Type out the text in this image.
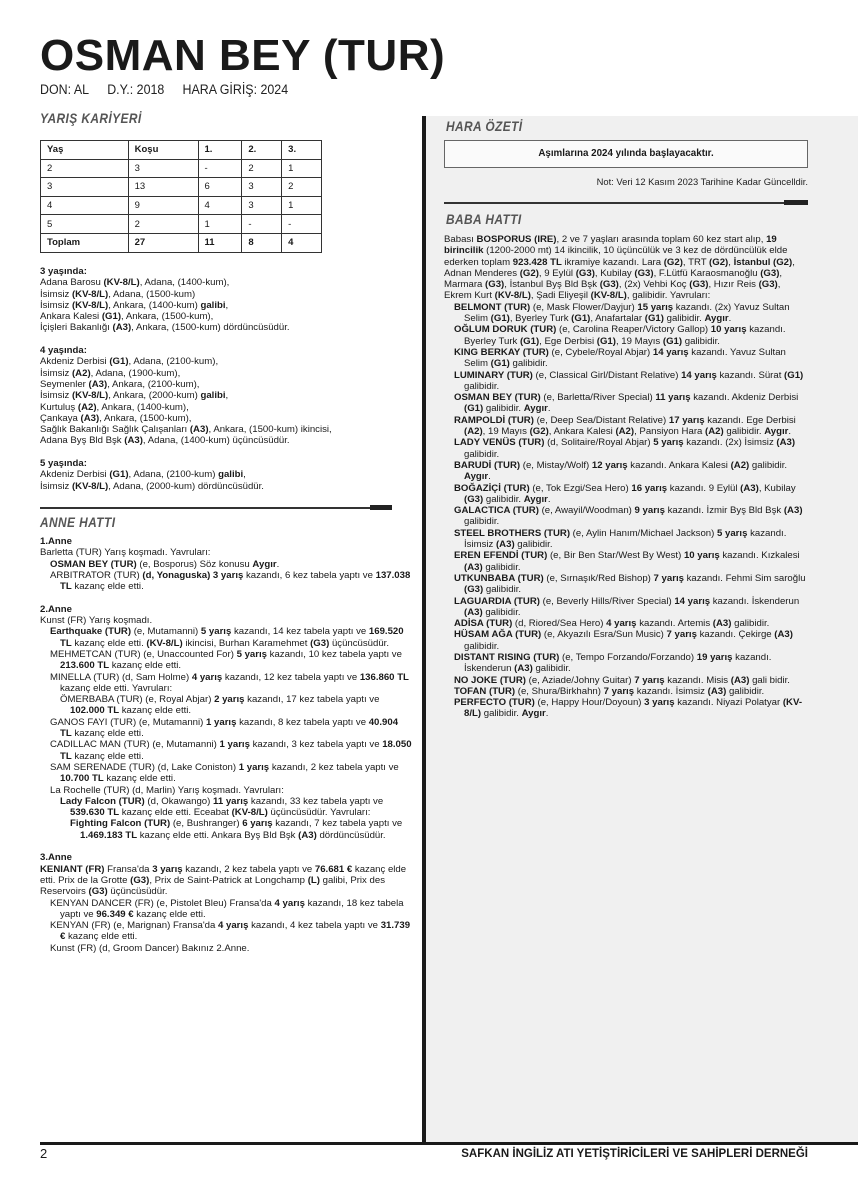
OSMAN BEY (TUR)
DON: AL D.Y.: 2018 HARA GİRİŞ: 2024
YARIŞ KARİYERİ
Yaş	Koşu	1.	2.	3.
2	3	-	2	1
3	13	6	3	2
4	9	4	3	1
5	2	1	-	-
Toplam	27	11	8	4

3 yaşında:

Adana Barosu (KV-8/L), Adana, (1400-kum),

İsimsiz (KV-8/L), Adana, (1500-kum)

İsimsiz (KV-8/L), Ankara, (1400-kum) galibi,

Ankara Kalesi (G1), Ankara, (1500-kum),

İçişleri Bakanlığı (A3), Ankara, (1500-kum) dördüncüsüdür.

4 yaşında:

Akdeniz Derbisi (G1), Adana, (2100-kum),

İsimsiz (A2), Adana, (1900-kum),

Seymenler (A3), Ankara, (2100-kum),

İsimsiz (KV-8/L), Ankara, (2000-kum) galibi,

Kurtuluş (A2), Ankara, (1400-kum),

Çankaya (A3), Ankara, (1500-kum),

Sağlık Bakanlığı Sağlık Çalışanları (A3), Ankara, (1500-kum) ikincisi,

Adana Byş Bld Bşk (A3), Adana, (1400-kum) üçüncüsüdür.

5 yaşında:

Akdeniz Derbisi (G1), Adana, (2100-kum) galibi,

İsimsiz (KV-8/L), Adana, (2000-kum) dördüncüsüdür.

ANNE HATTI

1.Anne

Barletta (TUR) Yarış koşmadı. Yavruları:

OSMAN BEY (TUR) (e, Bosporus) Söz konusu Aygır.

ARBITRATOR (TUR) (d, Yonaguska) 3 yarış kazandı, 6 kez tabela yaptı ve 137.038 TL kazanç elde etti.

2.Anne

Kunst (FR) Yarış koşmadı.

Earthquake (TUR) (e, Mutamanni) 5 yarış kazandı, 14 kez tabela yaptı ve 169.520 TL kazanç elde etti. (KV-8/L) ikincisi, Burhan Karamehmet (G3) üçüncüsüdür.

MEHMETCAN (TUR) (e, Unaccounted For) 5 yarış kazandı, 10 kez tabela yaptı ve 213.600 TL kazanç elde etti.

MINELLA (TUR) (d, Sam Holme) 4 yarış kazandı, 12 kez tabela yaptı ve 136.860 TL kazanç elde etti. Yavruları:

ÖMERBABA (TUR) (e, Royal Abjar) 2 yarış kazandı, 17 kez tabela yaptı ve 102.000 TL kazanç elde etti.

GANOS FAYI (TUR) (e, Mutamanni) 1 yarış kazandı, 8 kez tabela yaptı ve 40.904 TL kazanç elde etti.

CADILLAC MAN (TUR) (e, Mutamanni) 1 yarış kazandı, 3 kez tabela yaptı ve 18.050 TL kazanç elde etti.

SAM SERENADE (TUR) (d, Lake Coniston) 1 yarış kazandı, 2 kez tabela yaptı ve 10.700 TL kazanç elde etti.

La Rochelle (TUR) (d, Marlin) Yarış koşmadı. Yavruları:

Lady Falcon (TUR) (d, Okawango) 11 yarış kazandı, 33 kez tabela yaptı ve 539.630 TL kazanç elde etti. Eceabat (KV-8/L) üçüncüsüdür. Yavruları:

Fighting Falcon (TUR) (e, Bushranger) 6 yarış kazandı, 7 kez tabela yaptı ve 1.469.183 TL kazanç elde etti. Ankara Byş Bld Bşk (A3) dördüncüsüdür.

3.Anne

KENIANT (FR) Fransa'da 3 yarış kazandı, 2 kez tabela yaptı ve 76.681 € kazanç elde etti. Prix de la Grotte (G3), Prix de Saint-Patrick at Longchamp (L) galibi, Prix des Reservoirs (G3) üçüncüsüdür.

KENYAN DANCER (FR) (e, Pistolet Bleu) Fransa'da 4 yarış kazandı, 18 kez tabela yaptı ve 96.349 € kazanç elde etti.

KENYAN (FR) (e, Marignan) Fransa'da 4 yarış kazandı, 4 kez tabela yaptı ve 31.739 € kazanç elde etti.

Kunst (FR) (d, Groom Dancer) Bakınız 2.Anne.

HARA ÖZETİ
Aşımlarına 2024 yılında başlayacaktır.
Not: Veri 12 Kasım 2023 Tarihine Kadar Güncelldir.
BABA HATTI

Babası BOSPORUS (IRE), 2 ve 7 yaşları arasında toplam 60 kez start alıp, 19 birincilik (1200-2000 mt) 14 ikincilik, 10 üçüncülük ve 3 kez de dördüncülük elde ederken toplam 923.428 TL ikramiye kazandı. Lara (G2), TRT (G2), İstanbul (G2), Adnan Menderes (G2), 9 Eylül (G3), Kubilay (G3), F.Lütfü Karaosmanoğlu (G3), Marmara (G3), İstanbul Byş Bld Bşk (G3), (2x) Vehbi Koç (G3), Hızır Reis (G3), Ekrem Kurt (KV-8/L), Şadi Eliyeşil (KV-8/L), galibidir. Yavruları:

BELMONT (TUR) (e, Mask Flower/Dayjur) 15 yarış kazandı. (2x) Yavuz Sultan Selim (G1), Byerley Turk (G1), Anafartalar (G1) galibidir. Aygır.

OĞLUM DORUK (TUR) (e, Carolina Reaper/Victory Gallop) 10 yarış kazandı. Byerley Turk (G1), Ege Derbisi (G1), 19 Mayıs (G1) galibidir.

KING BERKAY (TUR) (e, Cybele/Royal Abjar) 14 yarış kazandı. Yavuz Sultan Selim (G1) galibidir.

LUMINARY (TUR) (e, Classical Girl/Distant Relative) 14 yarış kazandı. Sürat (G1) galibidir.

OSMAN BEY (TUR) (e, Barletta/River Special) 11 yarış kazandı. Akdeniz Derbisi (G1) galibidir. Aygır.

RAMPOLDİ (TUR) (e, Deep Sea/Distant Relative) 17 yarış kazandı. Ege Derbisi (A2), 19 Mayıs (G2), Ankara Kalesi (A2), Pansiyon Hara (A2) galibidir. Aygır.

LADY VENÜS (TUR) (d, Solitaire/Royal Abjar) 5 yarış kazandı. (2x) İsimsiz (A3) galibidir.

BARUDİ (TUR) (e, Mistay/Wolf) 12 yarış kazandı. Ankara Kalesi (A2) galibidir. Aygır.

BOĞAZİÇİ (TUR) (e, Tok Ezgi/Sea Hero) 16 yarış kazandı. 9 Eylül (A3), Kubilay (G3) galibidir. Aygır.

GALACTICA (TUR) (e, Awayil/Woodman) 9 yarış kazandı. İzmir Byş Bld Bşk (A3) galibidir.

STEEL BROTHERS (TUR) (e, Aylin Hanım/Michael Jackson) 5 yarış kazandı. İsimsiz (A3) galibidir.

EREN EFENDİ (TUR) (e, Bir Ben Star/West By West) 10 yarış kazandı. Kızkalesi (A3) galibidir.

UTKUNBABA (TUR) (e, Sırnaşık/Red Bishop) 7 yarış kazandı. Fehmi Sim saroğlu (G3) galibidir.

LAGUARDIA (TUR) (e, Beverly Hills/River Special) 14 yarış kazandı. İskenderun (A3) galibidir.

ADİSA (TUR) (d, Riored/Sea Hero) 4 yarış kazandı. Artemis (A3) galibidir.

HÜSAM AĞA (TUR) (e, Akyazılı Esra/Sun Music) 7 yarış kazandı. Çekirge (A3) galibidir.

DISTANT RISING (TUR) (e, Tempo Forzando/Forzando) 19 yarış kazandı. İskenderun (A3) galibidir.

NO JOKE (TUR) (e, Aziade/Johny Guitar) 7 yarış kazandı. Misis (A3) gali bidir.

TOFAN (TUR) (e, Shura/Birkhahn) 7 yarış kazandı. İsimsiz (A3) galibidir.

PERFECTO (TUR) (e, Happy Hour/Doyoun) 3 yarış kazandı. Niyazi Polatyar (KV-8/L) galibidir. Aygır.

2	SAFKAN İNGİLİZ ATI YETİŞTİRİCİLERİ VE SAHİPLERİ DERNEĞİ
